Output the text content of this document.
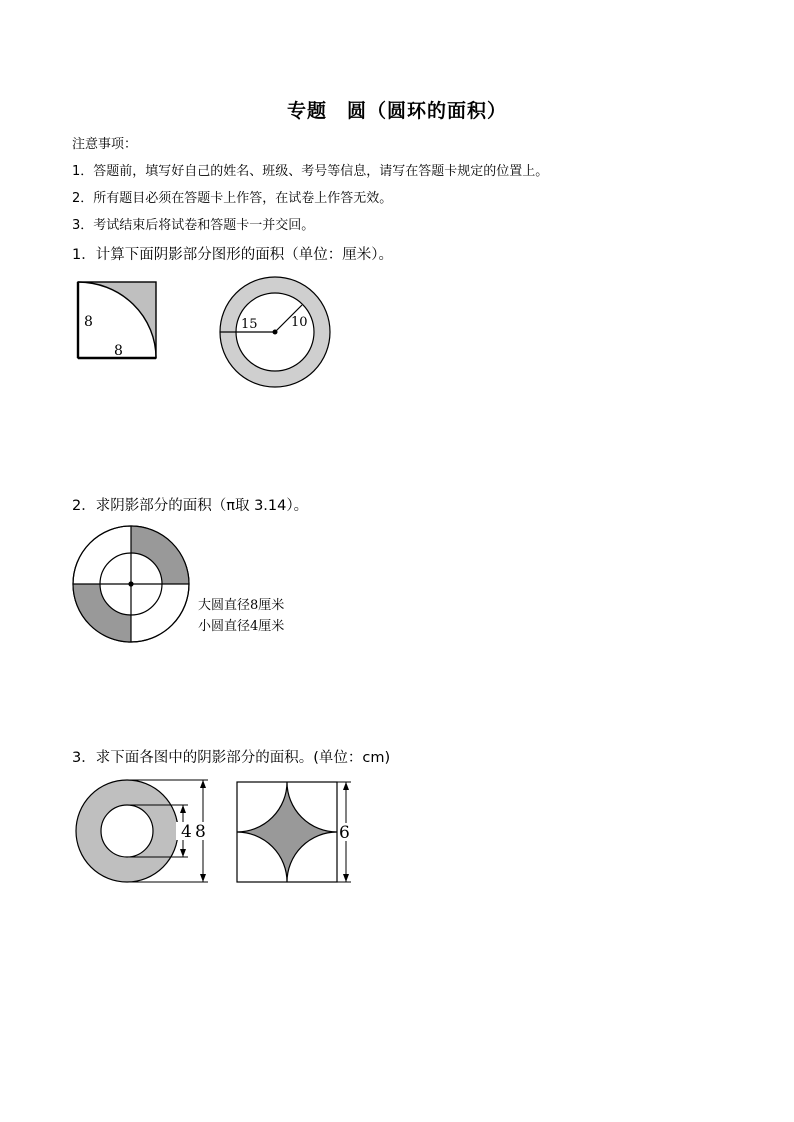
专题　圆（圆环的面积）
注意事项：
1．答题前，填写好自己的姓名、班级、考号等信息，请写在答题卡规定的位置上。
2．所有题目必须在答题卡上作答，在试卷上作答无效。
3．考试结束后将试卷和答题卡一并交回。
1．计算下面阴影部分图形的面积（单位：厘米）。
8
8
15	10
2．求阴影部分的面积（π取 3.14）。
大圆直径8厘米
小圆直径4厘米
3．求下面各图中的阴影部分的面积。(单位：cm)
4 8	6
